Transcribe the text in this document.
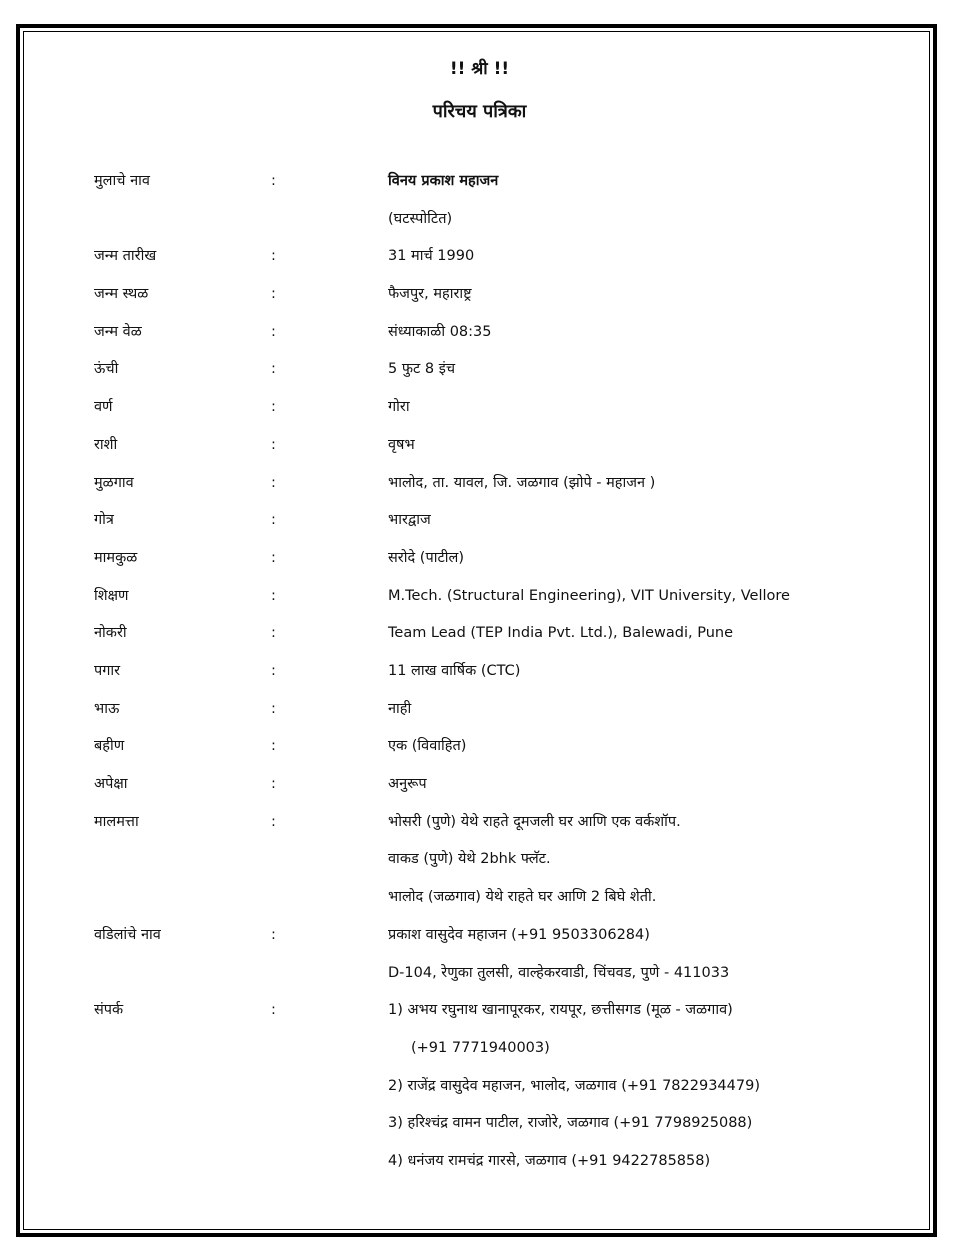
!! श्री !!
परिचय पत्रिका
मुलाचे नाव	:	विनय प्रकाश महाजन
(घटस्पोटित)
जन्म तारीख	:	31 मार्च 1990
जन्म स्थळ	:	फैजपुर, महाराष्ट्र
जन्म वेळ	:	संध्याकाळी 08:35
ऊंची	:	5 फुट 8 इंच
वर्ण	:	गोरा
राशी	:	वृषभ
मुळगाव	:	भालोद, ता. यावल, जि. जळगाव (झोपे - महाजन )
गोत्र	:	भारद्वाज
मामकुळ	:	सरोदे (पाटील)
शिक्षण	:	M.Tech. (Structural Engineering), VIT University, Vellore
नोकरी	:	Team Lead (TEP India Pvt. Ltd.), Balewadi, Pune
पगार	:	11 लाख वार्षिक (CTC)
भाऊ	:	नाही
बहीण	:	एक (विवाहित)
अपेक्षा	:	अनुरूप
मालमत्ता	:	भोसरी (पुणे) येथे राहते दूमजली घर आणि एक वर्कशॉप.
वाकड (पुणे) येथे 2bhk फ्लॅट.
भालोद (जळगाव) येथे राहते घर आणि 2 बिघे शेती.
वडिलांचे नाव	:	प्रकाश वासुदेव महाजन (+91 9503306284)
D-104, रेणुका तुलसी, वाल्हेकरवाडी, चिंचवड, पुणे - 411033
संपर्क	:	1) अभय रघुनाथ खानापूरकर, रायपूर, छत्तीसगड (मूळ - जळगाव)
(+91 7771940003)
2) राजेंद्र वासुदेव महाजन, भालोद, जळगाव (+91 7822934479)
3) हरिश्चंद्र वामन पाटील, राजोरे, जळगाव (+91 7798925088)
4) धनंजय रामचंद्र गारसे, जळगाव (+91 9422785858)
